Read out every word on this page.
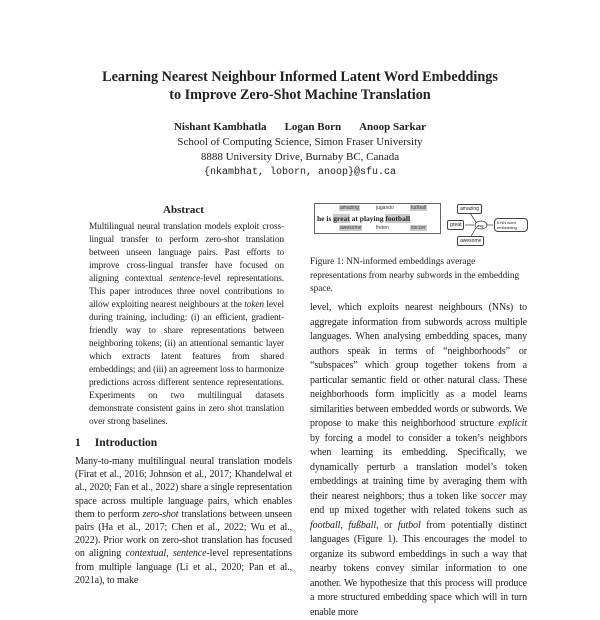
Learning Nearest Neighbour Informed Latent Word Embeddings
to Improve Zero-Shot Machine Translation
Nishant Kambhatla Logan Born Anoop Sarkar
School of Computing Science, Simon Fraser University
8888 University Drive, Burnaby BC, Canada
{nkambhat, loborn, anoop}@sfu.ca
Abstract

Multilingual neural translation models exploit cross-lingual transfer to perform zero-shot translation between unseen language pairs. Past efforts to improve cross-lingual transfer have focused on aligning contextual sentence-level representations. This paper introduces three novel contributions to allow exploiting nearest neighbours at the token level during training, including: (i) an efficient, gradient-friendly way to share representations between neighboring tokens; (ii) an attentional semantic layer which extracts latent features from shared embeddings; and (iii) an agreement loss to harmonize predictions across different sentence representations. Experiments on two multilingual datasets demonstrate consistent gains in zero shot translation over strong baselines.

1 Introduction

Many-to-many multilingual neural translation models (Firat et al., 2016; Johnson et al., 2017; Khandelwal et al., 2020; Fan et al., 2022) share a single representation space across multiple language pairs, which enables them to perform zero-shot translations between unseen pairs (Ha et al., 2017; Chen et al., 2022; Wu et al., 2022). Prior work on zero-shot translation has focused on aligning contextual, sentence-level representations from multiple language (Li et al., 2020; Pan et al., 2021a), to make

amazing	jugando	fußball
he is great at playing football
awesome	freten	soccer	avg
amazing
great
awesome
k-NN word embedding
Figure 1: NN-informed embeddings average representations from nearby subwords in the embedding space.

level, which exploits nearest neighbours (NNs) to aggregate information from subwords across multiple languages. When analysing embedding spaces, many authors speak in terms of “neighborhoods” or “subspaces” which group together tokens from a particular semantic field or other natural class. These neighborhoods form implicitly as a model learns similarities between embedded words or subwords. We propose to make this neighborhood structure explicit by forcing a model to consider a token’s neighbors when learning its embedding. Specifically, we dynamically perturb a translation model’s token embeddings at training time by averaging them with their nearest neighbors; thus a token like soccer may end up mixed together with related tokens such as football, fußball, or futbol from potentially distinct languages (Figure 1). This encourages the model to organize its subword embeddings in such a way that nearby tokens convey similar information to one another. We hypothesize that this process will produce a more structured embedding space which will in turn enable more
